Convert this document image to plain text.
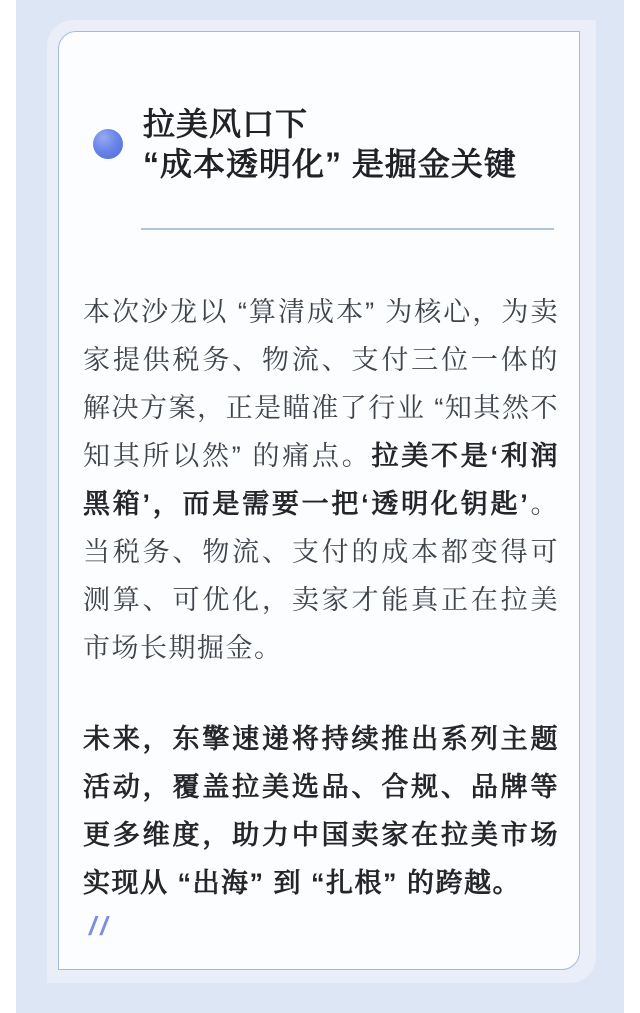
拉美风口下
“成本透明化” 是掘金关键

本次沙龙以 “算清成本” 为核心，为卖家提供税务、物流、支付三位一体的解决方案，正是瞄准了行业 “知其然不知其所以然” 的痛点。拉美不是‘利润黑箱’，而是需要一把‘透明化钥匙’。当税务、物流、支付的成本都变得可测算、可优化，卖家才能真正在拉美市场长期掘金。

未来，东擎速递将持续推出系列主题活动，覆盖拉美选品、合规、品牌等更多维度，助力中国卖家在拉美市场实现从 “出海” 到 “扎根” 的跨越。

//
